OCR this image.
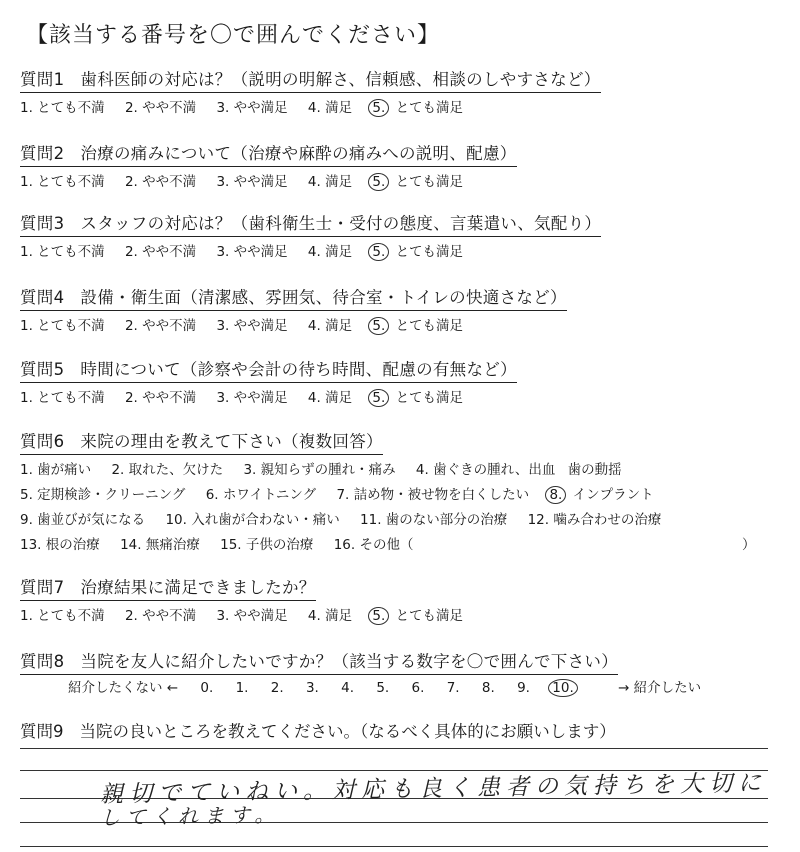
【該当する番号を〇で囲んでください】
質問1 歯科医師の対応は？（説明の明解さ、信頼感、相談のしやすさなど）
1. とても不満 2. やや不満 3. やや満足 4. 満足 5. とても満足
質問2 治療の痛みについて（治療や麻酔の痛みへの説明、配慮）
1. とても不満 2. やや不満 3. やや満足 4. 満足 5. とても満足
質問3 スタッフの対応は？（歯科衛生士・受付の態度、言葉遣い、気配り）
1. とても不満 2. やや不満 3. やや満足 4. 満足 5. とても満足
質問4 設備・衛生面（清潔感、雰囲気、待合室・トイレの快適さなど）
1. とても不満 2. やや不満 3. やや満足 4. 満足 5. とても満足
質問5 時間について（診察や会計の待ち時間、配慮の有無など）
1. とても不満 2. やや不満 3. やや満足 4. 満足 5. とても満足
質問6 来院の理由を教えて下さい（複数回答）
1. 歯が痛い 2. 取れた、欠けた 3. 親知らずの腫れ・痛み 4. 歯ぐきの腫れ、出血 歯の動揺
5. 定期検診・クリーニング 6. ホワイトニング 7. 詰め物・被せ物を白くしたい 8. インプラント
9. 歯並びが気になる 10. 入れ歯が合わない・痛い 11. 歯のない部分の治療 12. 噛み合わせの治療
13. 根の治療 14. 無痛治療 15. 子供の治療 16. その他（	）
質問7 治療結果に満足できましたか？
1. とても不満 2. やや不満 3. やや満足 4. 満足 5. とても満足
質問8 当院を友人に紹介したいですか？（該当する数字を〇で囲んで下さい）
紹介したくない ← 0. 1. 2. 3. 4. 5. 6. 7. 8. 9. 10.	→ 紹介したい
質問9 当院の良いところを教えてください。（なるべく具体的にお願いします）
親切でていねい。対応も良く患者の気持ちを大切に
してくれます。
